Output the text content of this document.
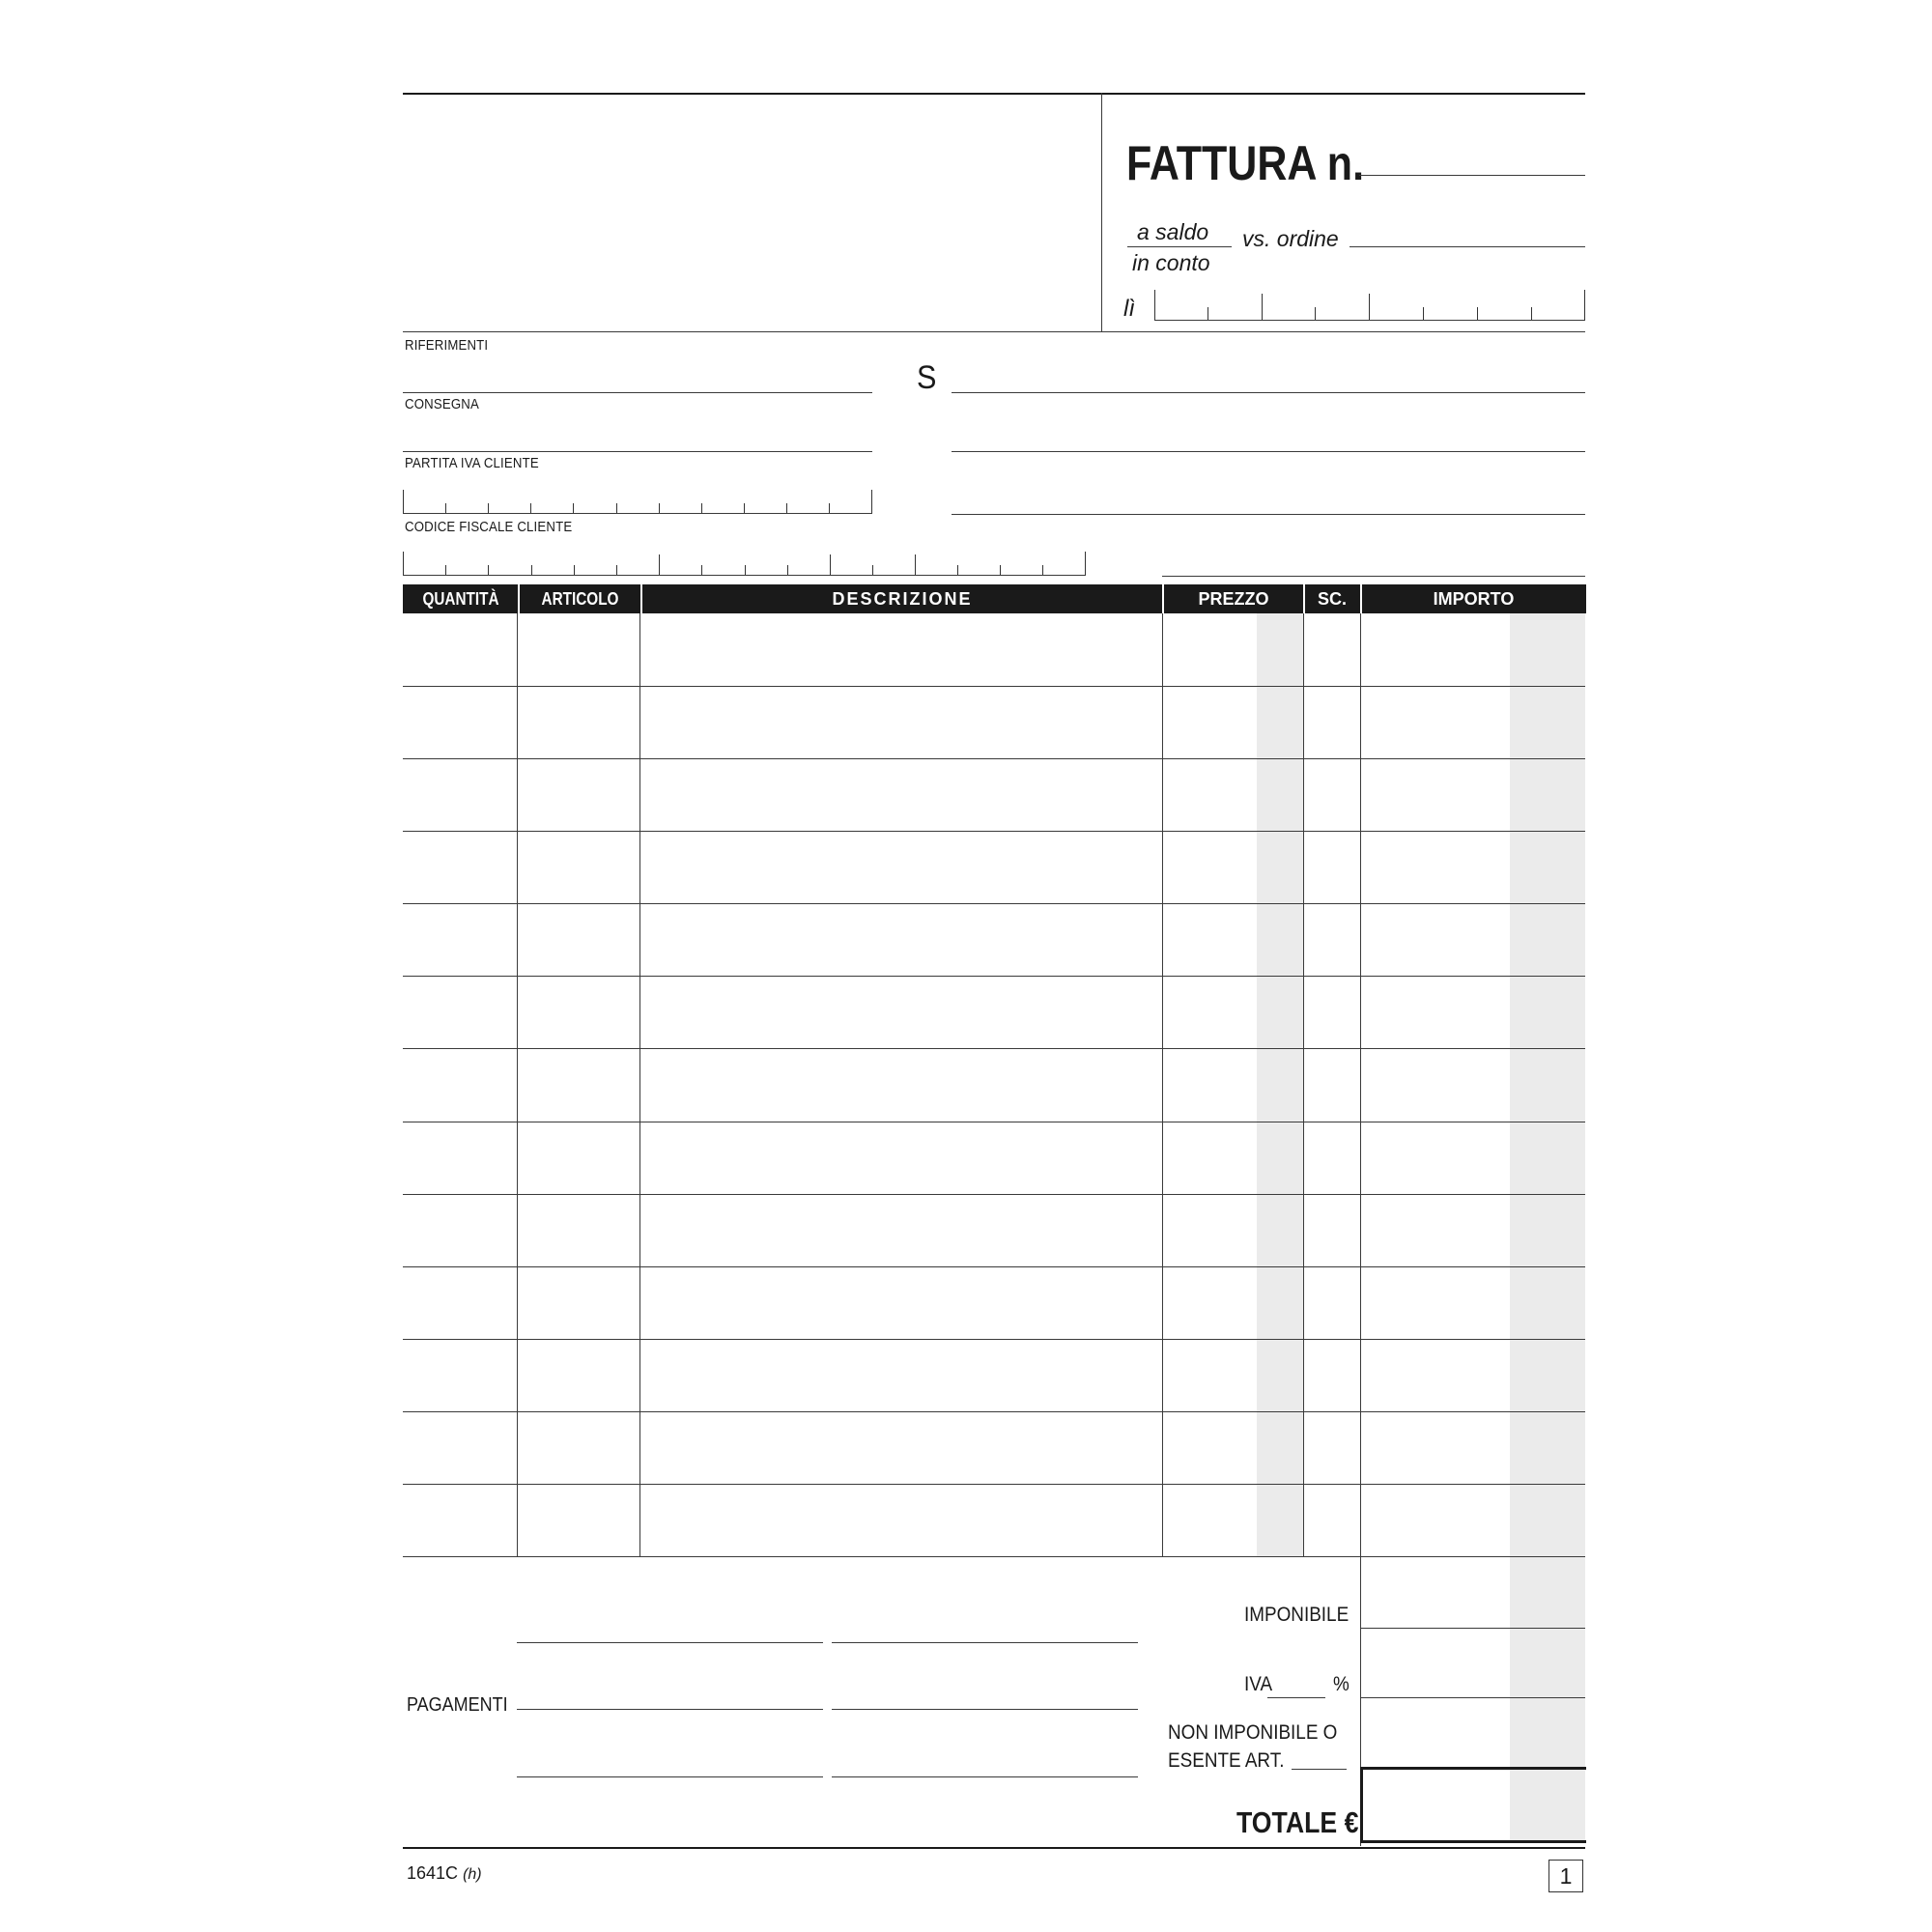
FATTURA n.
a saldo
in conto
vs. ordine
lì
RIFERIMENTI
CONSEGNA
PARTITA IVA CLIENTE
CODICE FISCALE CLIENTE
S
QUANTITÀ	ARTICOLO	DESCRIZIONE	PREZZO	SC.	IMPORTO
PAGAMENTI
IMPONIBILE
IVA	%
NON IMPONIBILE O
ESENTE ART.
TOTALE €
1641C (h)	1
